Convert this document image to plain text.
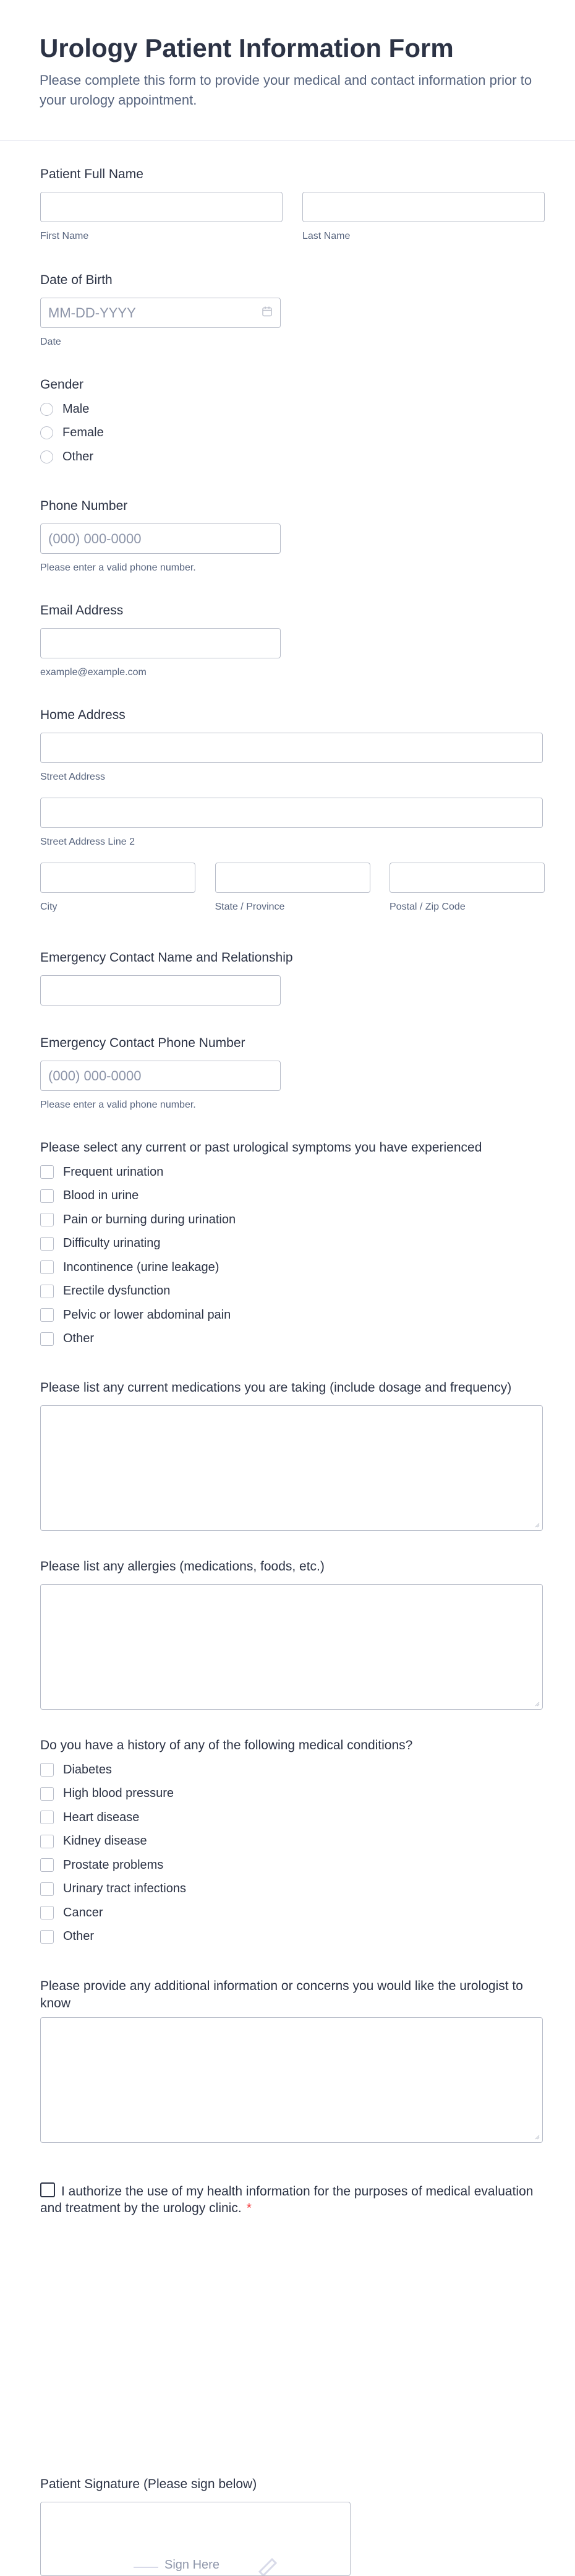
Urology Patient Information Form

Please complete this form to provide your medical and contact information prior to your urology appointment.

Patient Full Name
First Name	Last Name
Date of Birth
MM-DD-YYYY
Date
Gender
Male
Female
Other
Phone Number
(000) 000-0000
Please enter a valid phone number.
Email Address
example@example.com
Home Address
Street Address
Street Address Line 2
City	State / Province	Postal / Zip Code
Emergency Contact Name and Relationship
Emergency Contact Phone Number
(000) 000-0000
Please enter a valid phone number.
Please select any current or past urological symptoms you have experienced
Frequent urination
Blood in urine
Pain or burning during urination
Difficulty urinating
Incontinence (urine leakage)
Erectile dysfunction
Pelvic or lower abdominal pain
Other
Please list any current medications you are taking (include dosage and frequency)
Please list any allergies (medications, foods, etc.)
Do you have a history of any of the following medical conditions?
Diabetes
High blood pressure
Heart disease
Kidney disease
Prostate problems
Urinary tract infections
Cancer
Other
Please provide any additional information or concerns you would like the urologist to know
I authorize the use of my health information for the purposes of medical evaluation and treatment by the urology clinic. *
Patient Signature (Please sign below)
Sign Here
